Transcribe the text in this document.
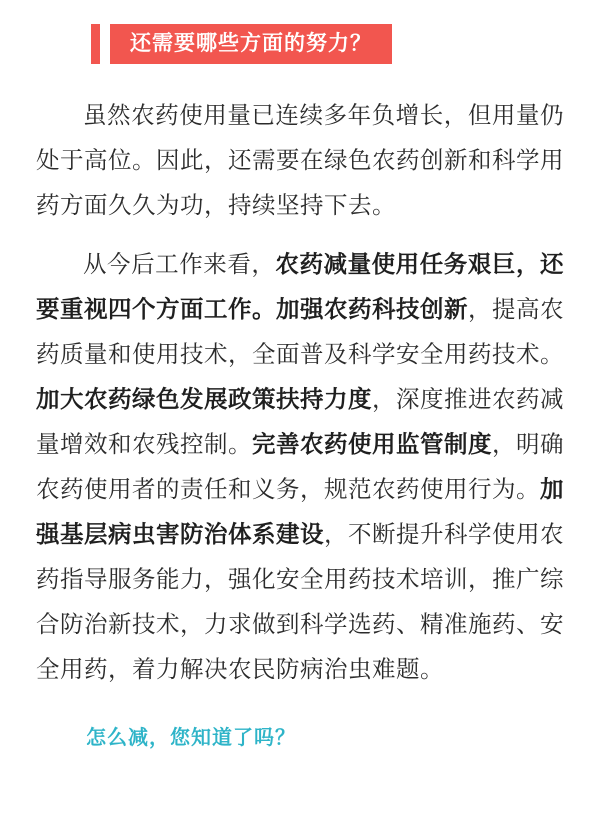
还需要哪些方面的努力？

虽然农药使用量已连续多年负增长，但用量仍处于高位。因此，还需要在绿色农药创新和科学用药方面久久为功，持续坚持下去。

从今后工作来看，农药减量使用任务艰巨，还要重视四个方面工作。加强农药科技创新，提高农药质量和使用技术，全面普及科学安全用药技术。加大农药绿色发展政策扶持力度，深度推进农药减量增效和农残控制。完善农药使用监管制度，明确农药使用者的责任和义务，规范农药使用行为。加强基层病虫害防治体系建设，不断提升科学使用农药指导服务能力，强化安全用药技术培训，推广综合防治新技术，力求做到科学选药、精准施药、安全用药，着力解决农民防病治虫难题。

怎么减，您知道了吗？
